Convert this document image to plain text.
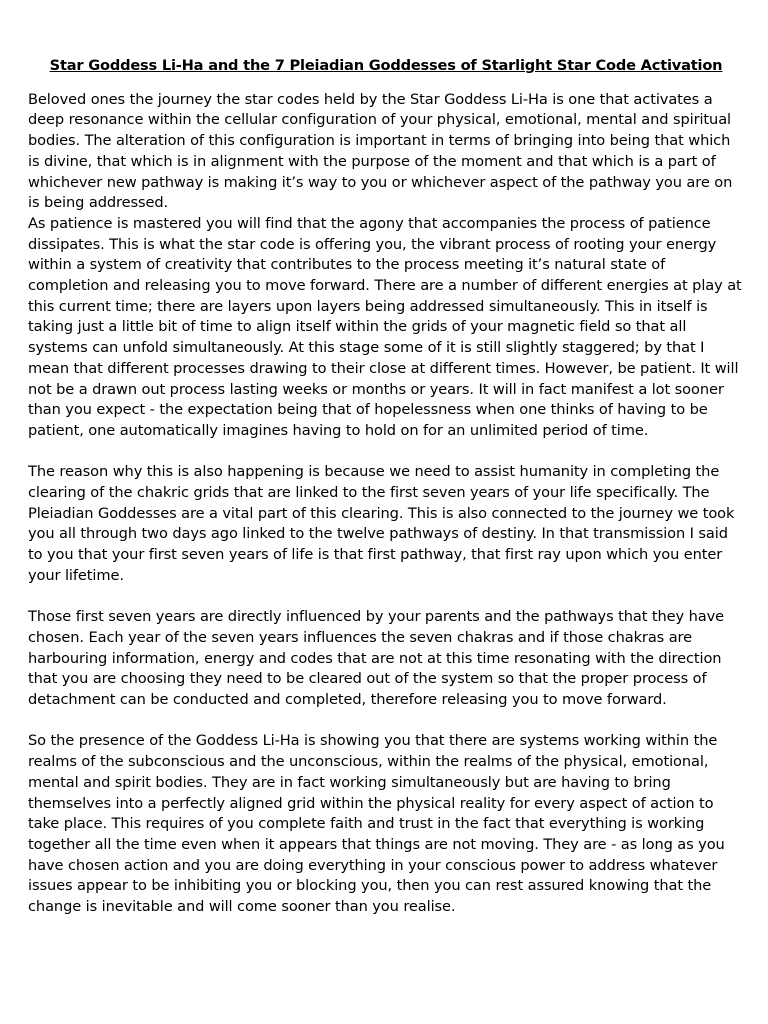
Star Goddess Li-Ha and the 7 Pleiadian Goddesses of Starlight Star Code Activation

Beloved ones the journey the star codes held by the Star Goddess Li-Ha is one that activates a deep resonance within the cellular configuration of your physical, emotional, mental and spiritual bodies. The alteration of this configuration is important in terms of bringing into being that which is divine, that which is in alignment with the purpose of the moment and that which is a part of whichever new pathway is making it’s way to you or whichever aspect of the pathway you are on is being addressed.

As patience is mastered you will find that the agony that accompanies the process of patience dissipates. This is what the star code is offering you, the vibrant process of rooting your energy within a system of creativity that contributes to the process meeting it’s natural state of completion and releasing you to move forward. There are a number of different energies at play at this current time; there are layers upon layers being addressed simultaneously. This in itself is taking just a little bit of time to align itself within the grids of your magnetic field so that all systems can unfold simultaneously. At this stage some of it is still slightly staggered; by that I mean that different processes drawing to their close at different times. However, be patient. It will not be a drawn out process lasting weeks or months or years. It will in fact manifest a lot sooner than you expect - the expectation being that of hopelessness when one thinks of having to be patient, one automatically imagines having to hold on for an unlimited period of time.

The reason why this is also happening is because we need to assist humanity in completing the clearing of the chakric grids that are linked to the first seven years of your life specifically. The Pleiadian Goddesses are a vital part of this clearing. This is also connected to the journey we took you all through two days ago linked to the twelve pathways of destiny. In that transmission I said to you that your first seven years of life is that first pathway, that first ray upon which you enter your lifetime.

Those first seven years are directly influenced by your parents and the pathways that they have chosen. Each year of the seven years influences the seven chakras and if those chakras are harbouring information, energy and codes that are not at this time resonating with the direction that you are choosing they need to be cleared out of the system so that the proper process of detachment can be conducted and completed, therefore releasing you to move forward.

So the presence of the Goddess Li-Ha is showing you that there are systems working within the realms of the subconscious and the unconscious, within the realms of the physical, emotional, mental and spirit bodies. They are in fact working simultaneously but are having to bring themselves into a perfectly aligned grid within the physical reality for every aspect of action to take place. This requires of you complete faith and trust in the fact that everything is working together all the time even when it appears that things are not moving. They are - as long as you have chosen action and you are doing everything in your conscious power to address whatever issues appear to be inhibiting you or blocking you, then you can rest assured knowing that the change is inevitable and will come sooner than you realise.
